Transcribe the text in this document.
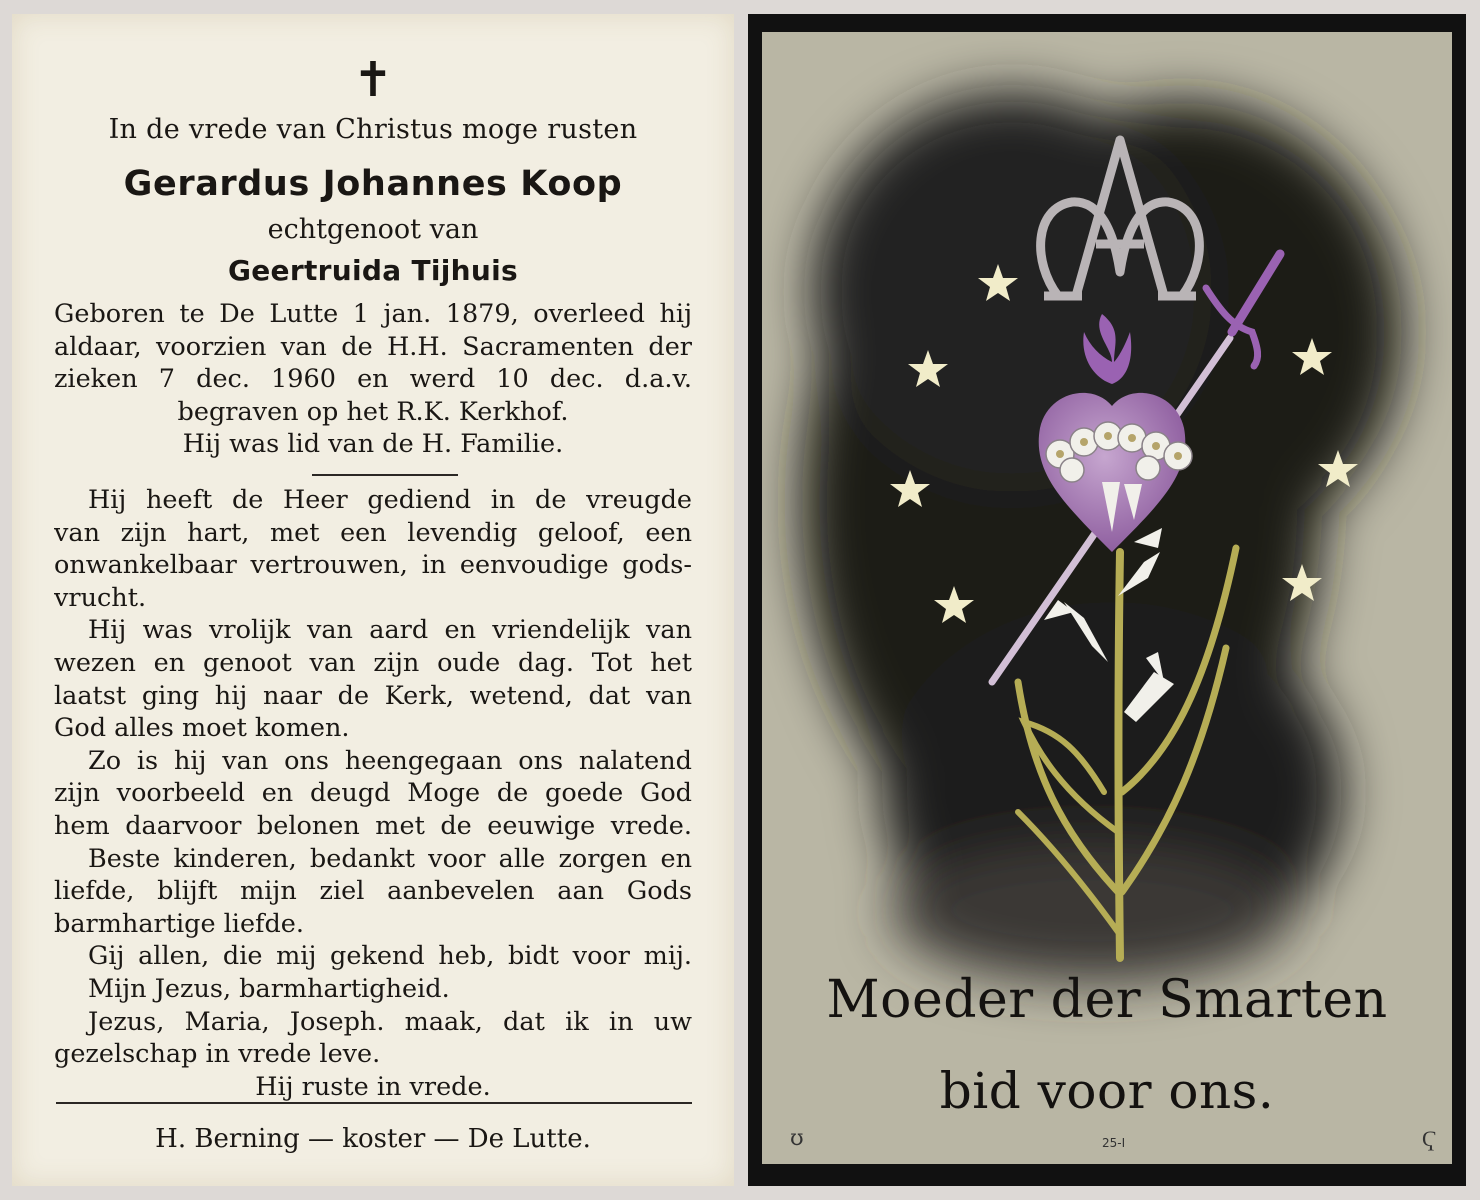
✝
In de vrede van Christus moge rusten
Gerardus Johannes Koop
echtgenoot van
Geertruida Tijhuis
Geboren te De Lutte 1 jan. 1879, overleed hij
aldaar, voorzien van de H.H. Sacramenten der
zieken 7 dec. 1960 en werd 10 dec. d.a.v.
begraven op het R.K. Kerkhof.
Hij was lid van de H. Familie.
Hij heeft de Heer gediend in de vreugde
van zijn hart, met een levendig geloof, een
onwankelbaar vertrouwen, in eenvoudige gods-
vrucht.
Hij was vrolijk van aard en vriendelijk van
wezen en genoot van zijn oude dag. Tot het
laatst ging hij naar de Kerk, wetend, dat van
God alles moet komen.
Zo is hij van ons heengegaan ons nalatend
zijn voorbeeld en deugd Moge de goede God
hem daarvoor belonen met de eeuwige vrede.
Beste kinderen, bedankt voor alle zorgen en
liefde, blijft mijn ziel aanbevelen aan Gods
barmhartige liefde.
Gij allen, die mij gekend heb, bidt voor mij.
Mijn Jezus, barmhartigheid.
Jezus, Maria, Joseph. maak, dat ik in uw
gezelschap in vrede leve.
Hij ruste in vrede.
H. Berning — koster — De Lutte.
Moeder der Smarten
bid voor ons.
ʊ	25-I	Ҁ
